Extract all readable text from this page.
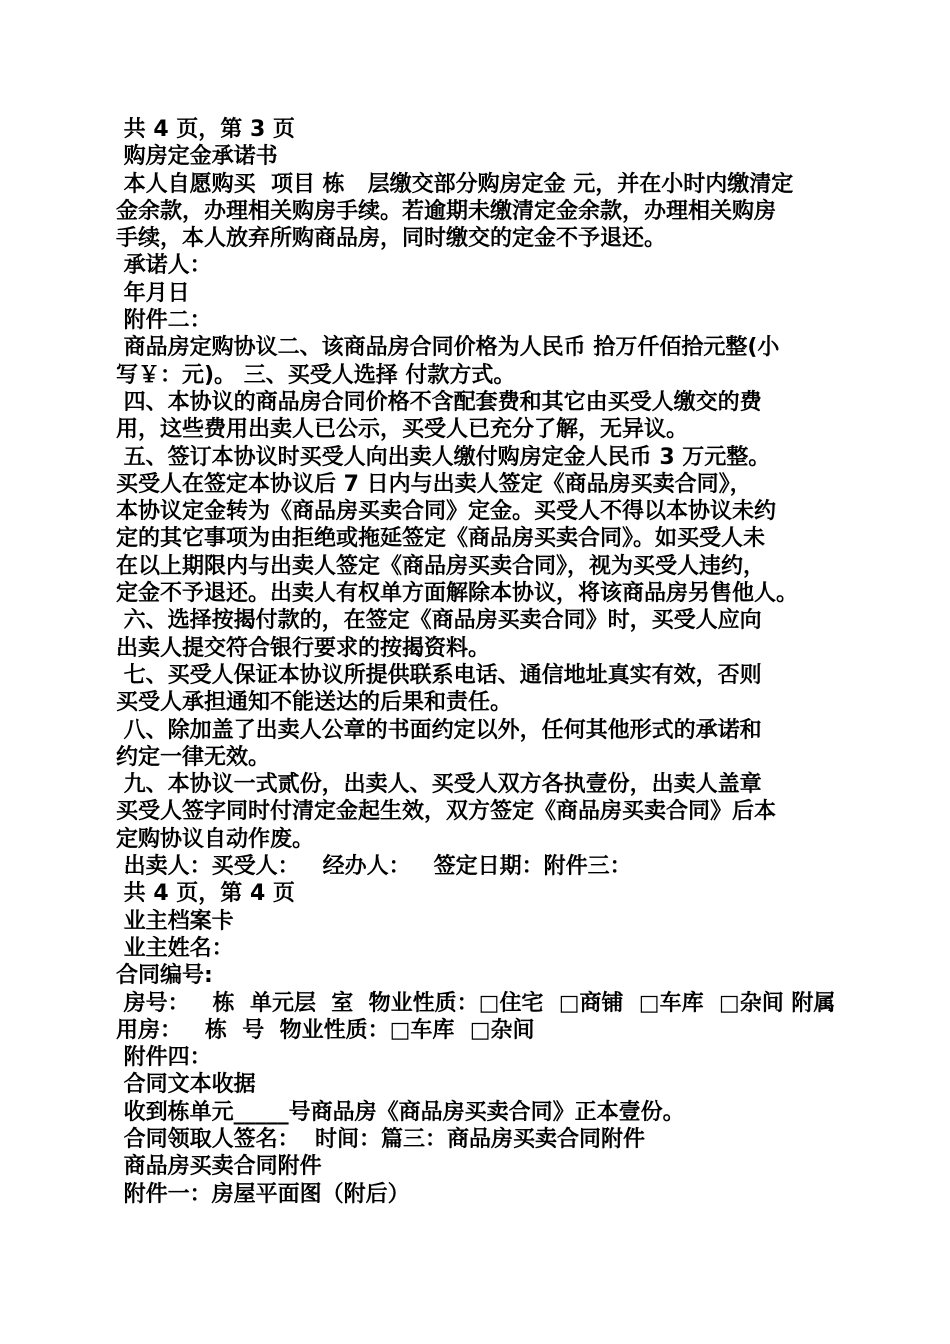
共 4 页，第 3 页
购房定金承诺书
本人自愿购买  项目 栋   层缴交部分购房定金 元，并在小时内缴清定
金余款，办理相关购房手续。若逾期未缴清定金余款，办理相关购房
手续，本人放弃所购商品房，同时缴交的定金不予退还。
承诺人：
年月日
附件二：
商品房定购协议二、该商品房合同价格为人民币 拾万仟佰拾元整(小
写￥：元)。 三、买受人选择 付款方式。
四、本协议的商品房合同价格不含配套费和其它由买受人缴交的费
用，这些费用出卖人已公示，买受人已充分了解，无异议。
五、签订本协议时买受人向出卖人缴付购房定金人民币 3 万元整。
买受人在签定本协议后 7 日内与出卖人签定《商品房买卖合同》，
本协议定金转为《商品房买卖合同》定金。买受人不得以本协议未约
定的其它事项为由拒绝或拖延签定《商品房买卖合同》。如买受人未
在以上期限内与出卖人签定《商品房买卖合同》，视为买受人违约，
定金不予退还。出卖人有权单方面解除本协议，将该商品房另售他人。
六、选择按揭付款的，在签定《商品房买卖合同》时，买受人应向
出卖人提交符合银行要求的按揭资料。
七、买受人保证本协议所提供联系电话、通信地址真实有效，否则
买受人承担通知不能送达的后果和责任。
八、除加盖了出卖人公章的书面约定以外，任何其他形式的承诺和
约定一律无效。
九、本协议一式贰份，出卖人、买受人双方各执壹份，出卖人盖章
买受人签字同时付清定金起生效，双方签定《商品房买卖合同》后本
定购协议自动作废。
出卖人：买受人：   经办人：   签定日期：附件三：
共 4 页，第 4 页
业主档案卡
业主姓名：
合同编号:
房号：   栋  单元层  室  物业性质：□住宅  □商铺  □车库  □杂间 附属
用房：   栋  号  物业性质：□车库  □杂间
附件四：
合同文本收据
收到栋单元_____号商品房《商品房买卖合同》正本壹份。
合同领取人签名：  时间：篇三：商品房买卖合同附件
商品房买卖合同附件
附件一：房屋平面图（附后）
